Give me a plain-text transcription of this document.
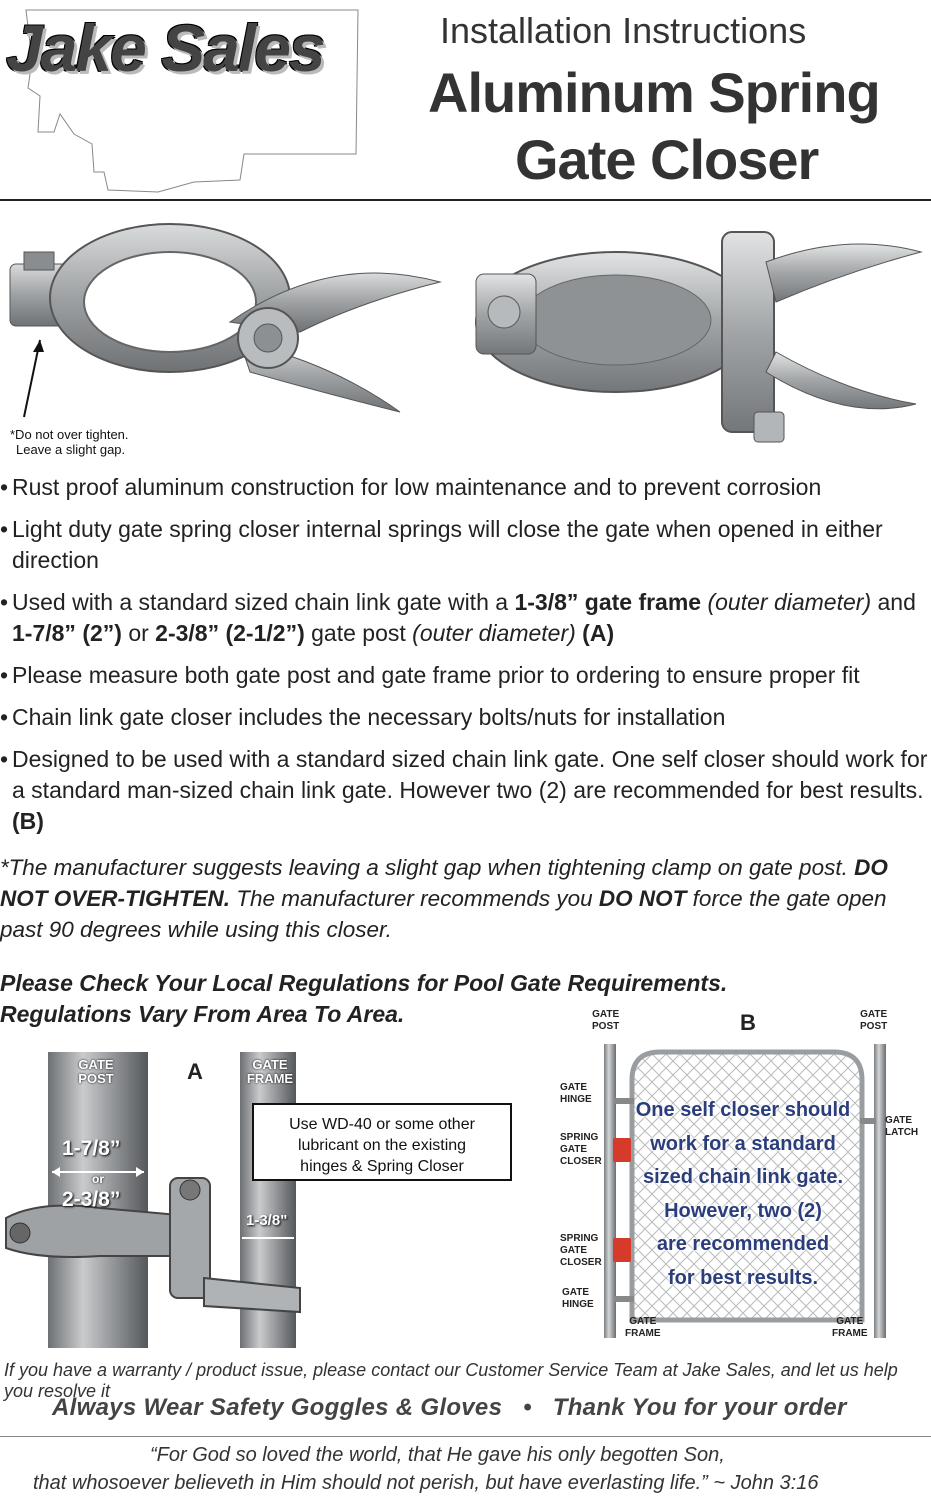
Jake Sales	Installation Instructions
Aluminum Spring
Gate Closer
*Do not over tighten.
Leave a slight gap.
• Rust proof aluminum construction for low maintenance and to prevent corrosion
• Light duty gate spring closer internal springs will close the gate when opened in either direction
• Used with a standard sized chain link gate with a 1-3/8” gate frame (outer diameter) and 1-7/8” (2”) or 2-3/8” (2-1/2”) gate post (outer diameter) (A)
• Please measure both gate post and gate frame prior to ordering to ensure proper fit
• Chain link gate closer includes the necessary bolts/nuts for installation
• Designed to be used with a standard sized chain link gate. One self closer should work for a standard man-sized chain link gate. However two (2) are recommended for best results. (B)
*The manufacturer suggests leaving a slight gap when tightening clamp on gate post. DO NOT OVER-TIGHTEN. The manufacturer recommends you DO NOT force the gate open past 90 degrees while using this closer.
Please Check Your Local Regulations for Pool Gate Requirements.
Regulations Vary From Area To Area.
GATE
POST
GATE
FRAME
A
1-7/8”
or
2-3/8”
1-3/8"
Use WD-40 or some other
lubricant on the existing
hinges & Spring Closer
B
GATE
POST
GATE
POST
GATE
HINGE
SPRING
GATE
CLOSER
SPRING
GATE
CLOSER
GATE
HINGE
GATE
LATCH
GATE
FRAME
GATE
FRAME
One self closer should
work for a standard
sized chain link gate.
However, two (2)
are recommended
for best results.
If you have a warranty / product issue, please contact our Customer Service Team at Jake Sales, and let us help you resolve it
Always Wear Safety Goggles & Gloves   •   Thank You for your order
“For God so loved the world, that He gave his only begotten Son,
that whosoever believeth in Him should not perish, but have everlasting life.” ~ John 3:16
